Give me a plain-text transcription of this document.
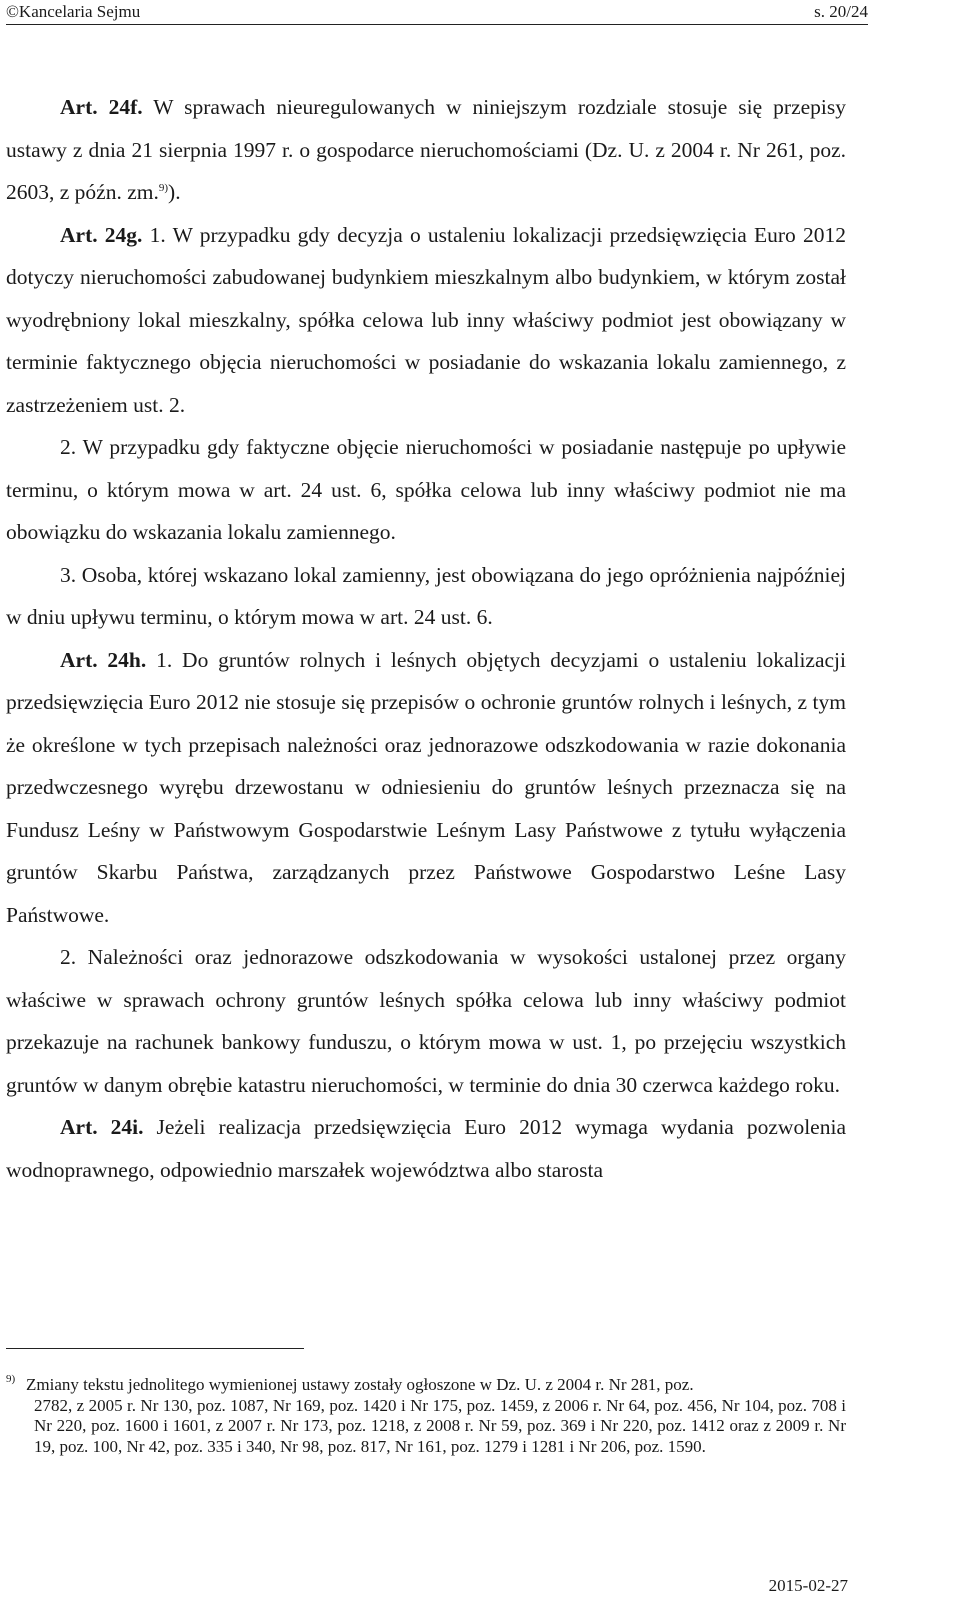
©Kancelaria Sejmu	s. 20/24

Art. 24f. W sprawach nieuregulowanych w niniejszym rozdziale stosuje się przepisy ustawy z dnia 21 sierpnia 1997 r. o gospodarce nieruchomościami (Dz. U. z 2004 r. Nr 261, poz. 2603, z późn. zm.$^{9)}$).

Art. 24g. 1. W przypadku gdy decyzja o ustaleniu lokalizacji przedsięwzięcia Euro 2012 dotyczy nieruchomości zabudowanej budynkiem mieszkalnym albo budynkiem, w którym został wyodrębniony lokal mieszkalny, spółka celowa lub inny właściwy podmiot jest obowiązany w terminie faktycznego objęcia nieruchomości w posiadanie do wskazania lokalu zamiennego, z zastrzeżeniem ust. 2.

2. W przypadku gdy faktyczne objęcie nieruchomości w posiadanie następuje po upływie terminu, o którym mowa w art. 24 ust. 6, spółka celowa lub inny właściwy podmiot nie ma obowiązku do wskazania lokalu zamiennego.

3. Osoba, której wskazano lokal zamienny, jest obowiązana do jego opróżnienia najpóźniej w dniu upływu terminu, o którym mowa w art. 24 ust. 6.

Art. 24h. 1. Do gruntów rolnych i leśnych objętych decyzjami o ustaleniu lokalizacji przedsięwzięcia Euro 2012 nie stosuje się przepisów o ochronie gruntów rolnych i leśnych, z tym że określone w tych przepisach należności oraz jednorazowe odszkodowania w razie dokonania przedwczesnego wyrębu drzewostanu w odniesieniu do gruntów leśnych przeznacza się na Fundusz Leśny w Państwowym Gospodarstwie Leśnym Lasy Państwowe z tytułu wyłączenia gruntów Skarbu Państwa, zarządzanych przez Państwowe Gospodarstwo Leśne Lasy Państwowe.

2. Należności oraz jednorazowe odszkodowania w wysokości ustalonej przez organy właściwe w sprawach ochrony gruntów leśnych spółka celowa lub inny właściwy podmiot przekazuje na rachunek bankowy funduszu, o którym mowa w ust. 1, po przejęciu wszystkich gruntów w danym obrębie katastru nieruchomości, w terminie do dnia 30 czerwca każdego roku.

Art. 24i. Jeżeli realizacja przedsięwzięcia Euro 2012 wymaga wydania pozwolenia wodnoprawnego, odpowiednio marszałek województwa albo starosta

9) Zmiany tekstu jednolitego wymienionej ustawy zostały ogłoszone w Dz. U. z 2004 r. Nr 281, poz.
2782, z 2005 r. Nr 130, poz. 1087, Nr 169, poz. 1420 i Nr 175, poz. 1459, z 2006 r. Nr 64, poz. 456, Nr 104, poz. 708 i Nr 220, poz. 1600 i 1601, z 2007 r. Nr 173, poz. 1218, z 2008 r. Nr 59, poz. 369 i Nr 220, poz. 1412 oraz z 2009 r. Nr 19, poz. 100, Nr 42, poz. 335 i 340, Nr 98, poz. 817, Nr 161, poz. 1279 i 1281 i Nr 206, poz. 1590.
2015-02-27
